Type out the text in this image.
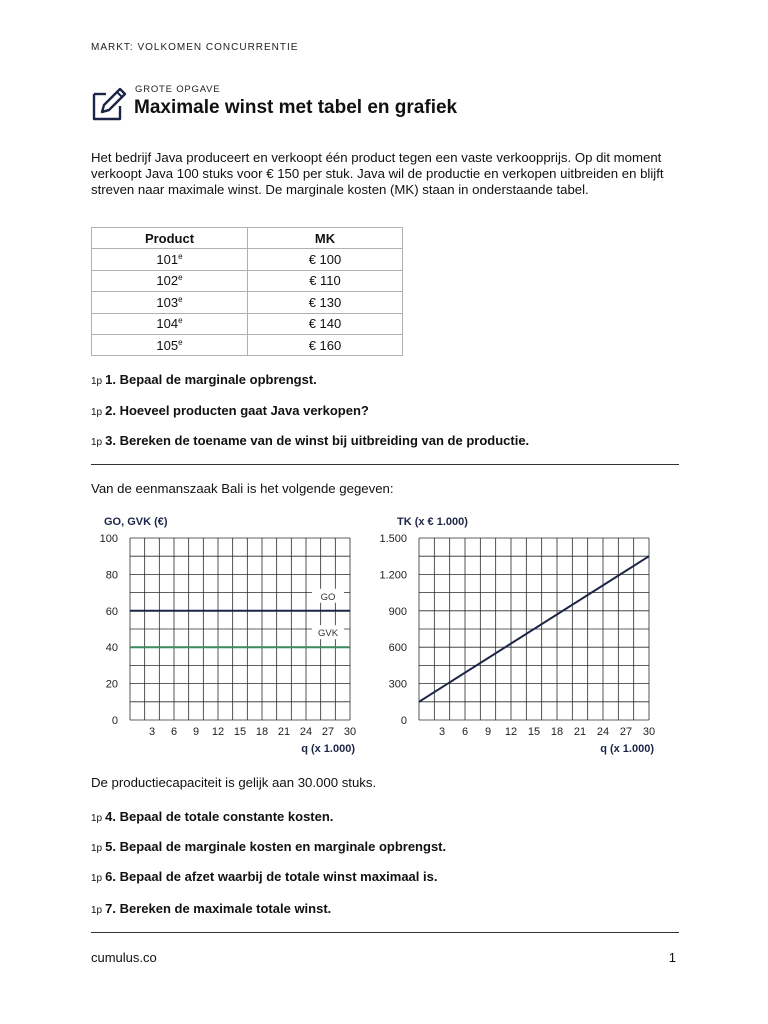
MARKT: VOLKOMEN CONCURRENTIE
GROTE OPGAVE
Maximale winst met tabel en grafiek

Het bedrijf Java produceert en verkoopt één product tegen een vaste verkoopprijs. Op dit moment verkoopt Java 100 stuks voor € 150 per stuk. Java wil de productie en verkopen uitbreiden en blijft streven naar maximale winst. De marginale kosten (MK) staan in onderstaande tabel.

Product	MK
101e	€ 100
102e	€ 110
103e	€ 130
104e	€ 140
105e	€ 160
1p 1. Bepaal de marginale opbrengst.
1p 2. Hoeveel producten gaat Java verkopen?
1p 3. Bereken de toename van de winst bij uitbreiding van de productie.

Van de eenmanszaak Bali is het volgende gegeven:

0
20
40
60
80
100
3 6 9 12 15 18 21 24 27 30
GO, GVK (€)
q (x 1.000)
GO
GVK
0
300
600
900
1.200
1.500
3 6 9 12 15 18 21 24 27 30
TK (x € 1.000)
q (x 1.000)

De productiecapaciteit is gelijk aan 30.000 stuks.

1p 4. Bepaal de totale constante kosten.
1p 5. Bepaal de marginale kosten en marginale opbrengst.
1p 6. Bepaal de afzet waarbij de totale winst maximaal is.
1p 7. Bereken de maximale totale winst.
cumulus.co	1
